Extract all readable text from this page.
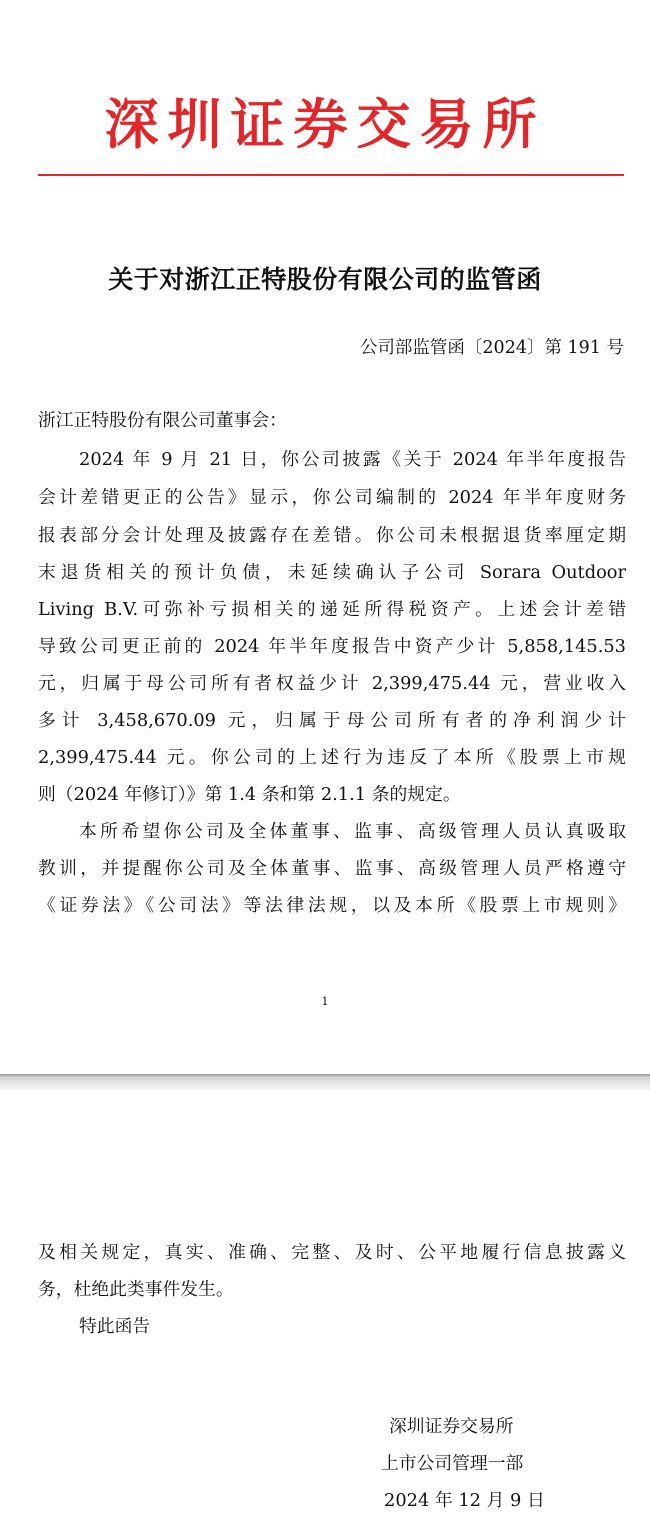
深圳证券交易所
关于对浙江正特股份有限公司的监管函
公司部监管函〔2024〕第 191 号
浙江正特股份有限公司董事会：
2024 年 9 月 21 日，你公司披露《关于 2024 年半年度报告
会计差错更正的公告》显示，你公司编制的 2024 年半年度财务
报表部分会计处理及披露存在差错。你公司未根据退货率厘定期
末退货相关的预计负债，未延续确认子公司 Sorara Outdoor
Living B.V.可弥补亏损相关的递延所得税资产。上述会计差错
导致公司更正前的 2024 年半年度报告中资产少计 5,858,145.53
元，归属于母公司所有者权益少计 2,399,475.44 元，营业收入
多计 3,458,670.09 元，归属于母公司所有者的净利润少计
2,399,475.44 元。你公司的上述行为违反了本所《股票上市规
则（2024 年修订）》第 1.4 条和第 2.1.1 条的规定。
本所希望你公司及全体董事、监事、高级管理人员认真吸取
教训，并提醒你公司及全体董事、监事、高级管理人员严格遵守
《证券法》《公司法》等法律法规，以及本所《股票上市规则》
1
及相关规定，真实、准确、完整、及时、公平地履行信息披露义
务，杜绝此类事件发生。
特此函告
深圳证券交易所
上市公司管理一部
2024 年 12 月 9 日
